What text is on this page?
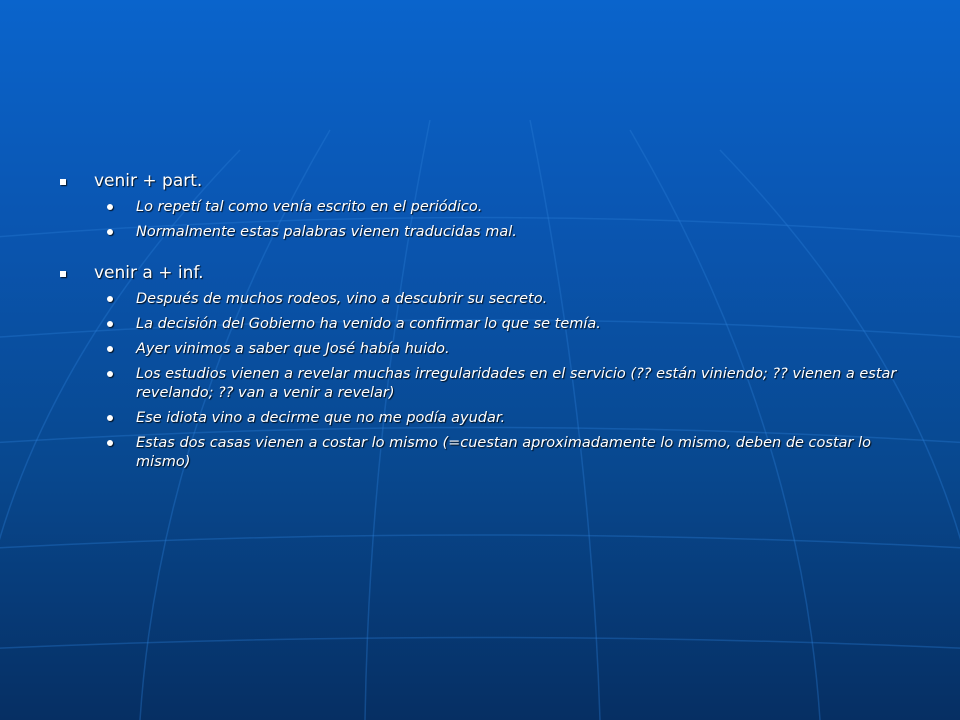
venir + part.
Lo repetí tal como venía escrito en el periódico.
Normalmente estas palabras vienen traducidas mal.
venir a + inf.
Después de muchos rodeos, vino a descubrir su secreto.
La decisión del Gobierno ha venido a confirmar lo que se temía.
Ayer vinimos a saber que José había huido.
Los estudios vienen a revelar muchas irregularidades en el servicio (?? están viniendo; ?? vienen a estar revelando; ?? van a venir a revelar)
Ese idiota vino a decirme que no me podía ayudar.
Estas dos casas vienen a costar lo mismo (=cuestan aproximadamente lo mismo, deben de costar lo mismo)
